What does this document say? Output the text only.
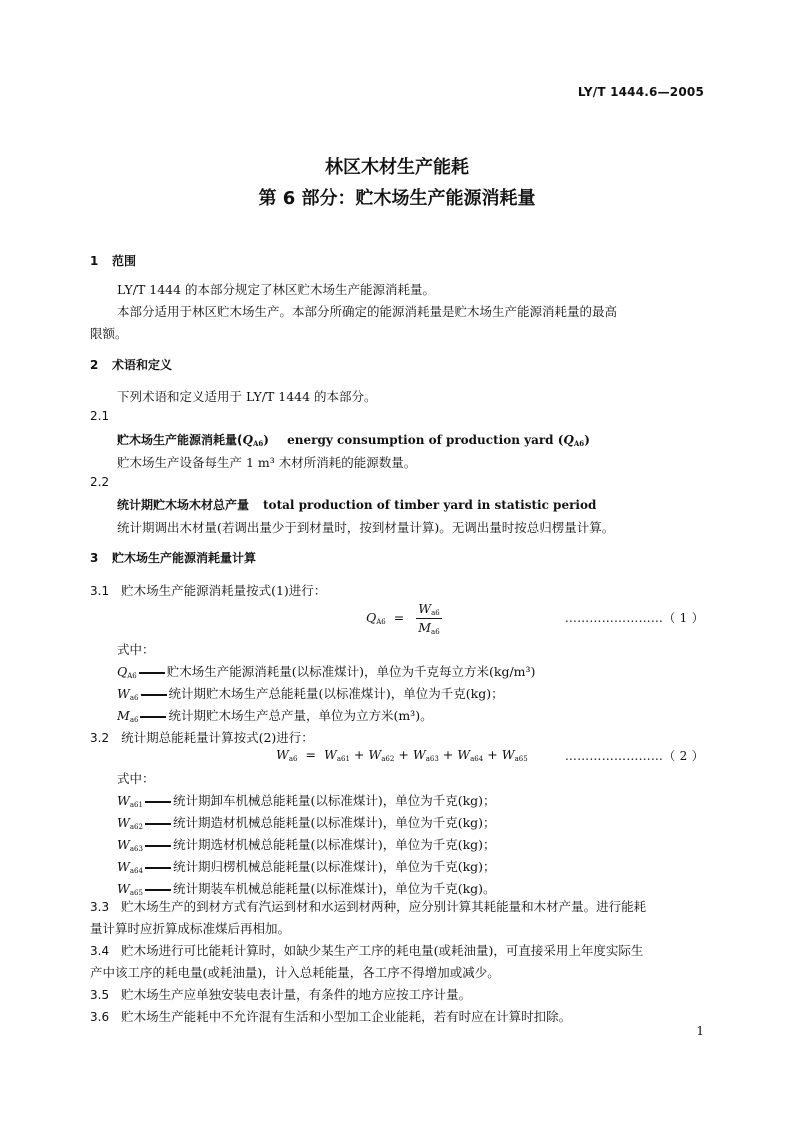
LY/T 1444.6—2005
林区木材生产能耗
第 6 部分：贮木场生产能源消耗量
1 范围
LY/T 1444 的本部分规定了林区贮木场生产能源消耗量。
本部分适用于林区贮木场生产。本部分所确定的能源消耗量是贮木场生产能源消耗量的最高
限额。
2 术语和定义
下列术语和定义适用于 LY/T 1444 的本部分。
2.1
贮木场生产能源消耗量$(Q_{A6})$ energy consumption of production yard $(Q_{A6})$
贮木场生产设备每生产 1 m³ 木材所消耗的能源数量。
2.2
统计期贮木场木材总产量 total production of timber yard in statistic period
统计期调出木材量(若调出量少于到材量时，按到材量计算)。无调出量时按总归楞量计算。
3 贮木场生产能源消耗量计算
3.1 贮木场生产能源消耗量按式(1)进行：
$Q_{A6} = \frac{W_{a6}}{M_{a6}}$	……………………（ 1 ）
式中：
$Q_{A6}$ 贮木场生产能源消耗量(以标准煤计)，单位为千克每立方米(kg/m³)
$W_{a6}$ 统计期贮木场生产总能耗量(以标准煤计)，单位为千克(kg)；
$M_{a6}$ 统计期贮木场生产总产量，单位为立方米(m³)。
3.2 统计期总能耗量计算按式(2)进行：
$W_{a6} = W_{a61} + W_{a62} + W_{a63} + W_{a64} + W_{a65}$	……………………（ 2 ）
式中：
$W_{a61}$ 统计期卸车机械总能耗量(以标准煤计)，单位为千克(kg)；
$W_{a62}$ 统计期造材机械总能耗量(以标准煤计)，单位为千克(kg)；
$W_{a63}$ 统计期选材机械总能耗量(以标准煤计)，单位为千克(kg)；
$W_{a64}$ 统计期归楞机械总能耗量(以标准煤计)，单位为千克(kg)；
$W_{a65}$ 统计期装车机械总能耗量(以标准煤计)，单位为千克(kg)。
3.3 贮木场生产的到材方式有汽运到材和水运到材两种，应分别计算其耗能量和木材产量。进行能耗
量计算时应折算成标准煤后再相加。
3.4 贮木场进行可比能耗计算时，如缺少某生产工序的耗电量(或耗油量)，可直接采用上年度实际生
产中该工序的耗电量(或耗油量)，计入总耗能量，各工序不得增加或减少。
3.5 贮木场生产应单独安装电表计量，有条件的地方应按工序计量。
3.6 贮木场生产能耗中不允许混有生活和小型加工企业能耗，若有时应在计算时扣除。
1
